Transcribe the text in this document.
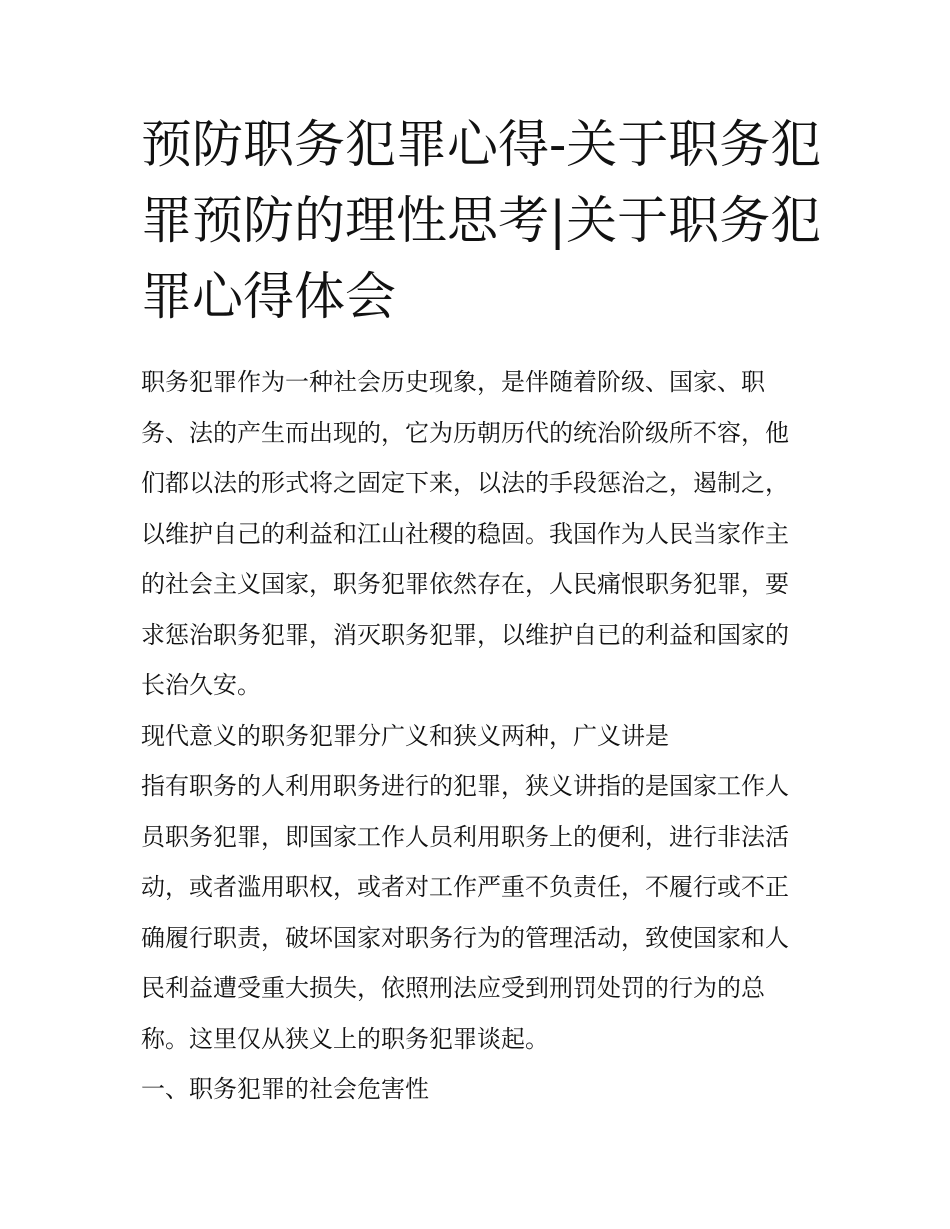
预防职务犯罪心得-关于职务犯
罪预防的理性思考|关于职务犯
罪心得体会
职务犯罪作为一种社会历史现象，是伴随着阶级、国家、职
务、法的产生而出现的，它为历朝历代的统治阶级所不容，他
们都以法的形式将之固定下来，以法的手段惩治之，遏制之，
以维护自己的利益和江山社稷的稳固。我国作为人民当家作主
的社会主义国家，职务犯罪依然存在，人民痛恨职务犯罪，要
求惩治职务犯罪，消灭职务犯罪，以维护自已的利益和国家的
长治久安。
现代意义的职务犯罪分广义和狭义两种，广义讲是
指有职务的人利用职务进行的犯罪，狭义讲指的是国家工作人
员职务犯罪，即国家工作人员利用职务上的便利，进行非法活
动，或者滥用职权，或者对工作严重不负责任，不履行或不正
确履行职责，破坏国家对职务行为的管理活动，致使国家和人
民利益遭受重大损失，依照刑法应受到刑罚处罚的行为的总
称。这里仅从狭义上的职务犯罪谈起。
一、职务犯罪的社会危害性
